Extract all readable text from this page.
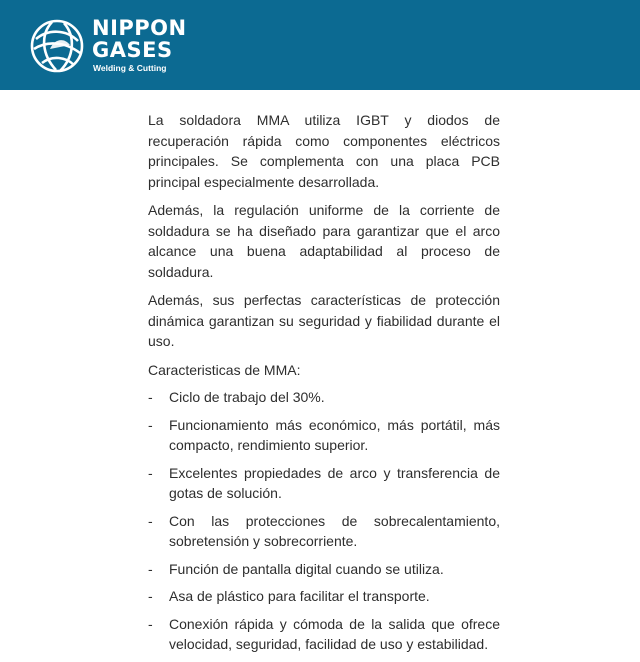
NIPPON
GASES
Welding & Cutting

La soldadora MMA utiliza IGBT y diodos de recuperación rápida como componentes eléctricos principales. Se complementa con una placa PCB principal especialmente desarrollada.

Además, la regulación uniforme de la corriente de soldadura se ha diseñado para garantizar que el arco alcance una buena adaptabilidad al proceso de soldadura.

Además, sus perfectas características de protección dinámica garantizan su seguridad y fiabilidad durante el uso.

Caracteristicas de MMA:

-	Ciclo de trabajo del 30%.
-	Funcionamiento más económico, más portátil, más compacto, rendimiento superior.
-	Excelentes propiedades de arco y transferencia de gotas de solución.
-	Con las protecciones de sobrecalentamiento, sobretensión y sobrecorriente.
-	Función de pantalla digital cuando se utiliza.
-	Asa de plástico para facilitar el transporte.
-	Conexión rápida y cómoda de la salida que ofrece velocidad, seguridad, facilidad de uso y estabilidad.
